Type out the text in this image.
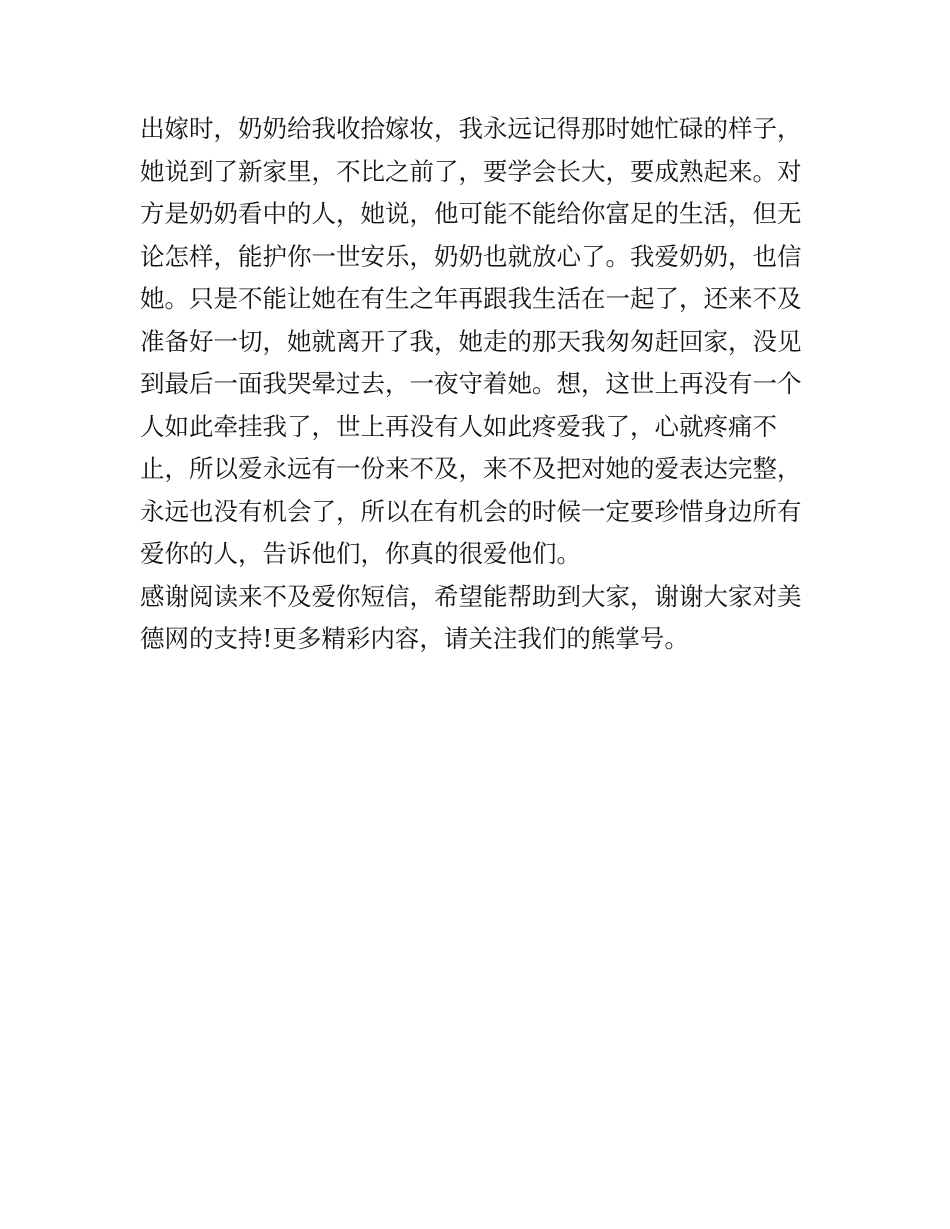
出嫁时，奶奶给我收拾嫁妆，我永远记得那时她忙碌的样子，
她说到了新家里，不比之前了，要学会长大，要成熟起来。对
方是奶奶看中的人，她说，他可能不能给你富足的生活，但无
论怎样，能护你一世安乐，奶奶也就放心了。我爱奶奶，也信
她。只是不能让她在有生之年再跟我生活在一起了，还来不及
准备好一切，她就离开了我，她走的那天我匆匆赶回家，没见
到最后一面我哭晕过去，一夜守着她。想，这世上再没有一个
人如此牵挂我了，世上再没有人如此疼爱我了，心就疼痛不
止，所以爱永远有一份来不及，来不及把对她的爱表达完整，
永远也没有机会了，所以在有机会的时候一定要珍惜身边所有
爱你的人，告诉他们，你真的很爱他们。
感谢阅读来不及爱你短信，希望能帮助到大家，谢谢大家对美
德网的支持!更多精彩内容，请关注我们的熊掌号。
